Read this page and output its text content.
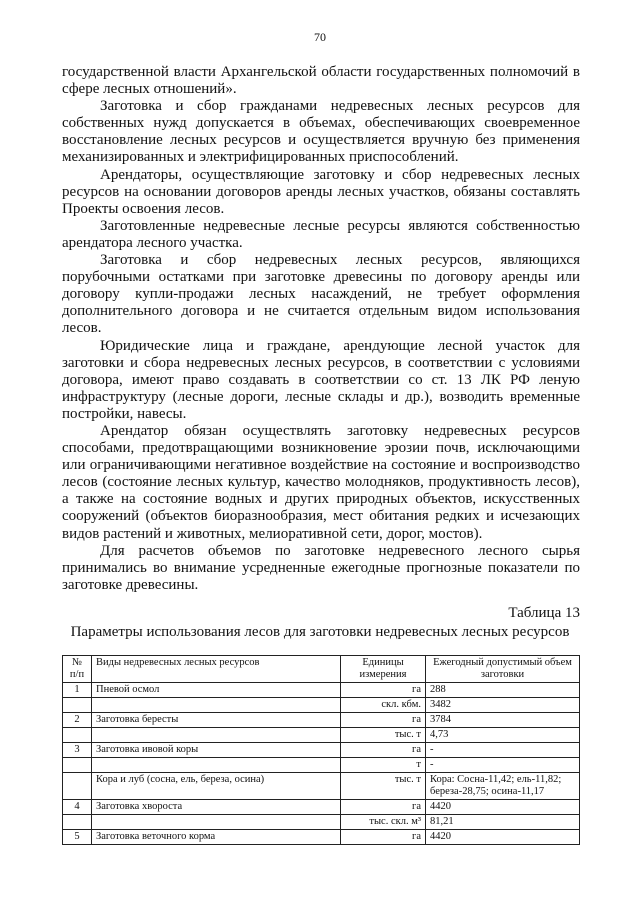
70

государственной власти Архангельской области государственных полномочий в сфере лесных отношений».

Заготовка и сбор гражданами недревесных лесных ресурсов для собственных нужд допускается в объемах, обеспечивающих своевременное восстановление лесных ресурсов и осуществляется вручную без применения механизированных и электрифицированных приспособлений.

Арендаторы, осуществляющие заготовку и сбор недревесных лесных ресурсов на основании договоров аренды лесных участков, обязаны составлять Проекты освоения лесов.

Заготовленные недревесные лесные ресурсы являются собственностью арендатора лесного участка.

Заготовка и сбор недревесных лесных ресурсов, являющихся порубочными остатками при заготовке древесины по договору аренды или договору купли-продажи лесных насаждений, не требует оформления дополнительного договора и не считается отдельным видом использования лесов.

Юридические лица и граждане, арендующие лесной участок для заготовки и сбора недревесных лесных ресурсов, в соответствии с условиями договора, имеют право создавать в соответствии со ст. 13 ЛК РФ леную инфраструктуру (лесные дороги, лесные склады и др.), возводить временные постройки, навесы.

Арендатор обязан осуществлять заготовку недревесных ресурсов способами, предотвращающими возникновение эрозии почв, исключающими или ограничивающими негативное воздействие на состояние и воспроизводство лесов (состояние лесных культур, качество молодняков, продуктивность лесов), а также на состояние водных и других природных объектов, искусственных сооружений (объектов биоразнообразия, мест обитания редких и исчезающих видов растений и животных, мелиоративной сети, дорог, мостов).

Для расчетов объемов по заготовке недревесного лесного сырья принимались во внимание усредненные ежегодные прогнозные показатели по заготовке древесины.

Таблица 13
Параметры использования лесов для заготовки недревесных лесных ресурсов
№ п/п	Виды недревесных лесных ресурсов	Единицы измерения	Ежегодный допустимый объем заготовки
1	Пневой осмол	га	288
		скл. кбм.	3482
2	Заготовка бересты	га	3784
		тыс. т	4,73
3	Заготовка ивовой коры	га	-
		т	-
	Кора и луб (сосна, ель, береза, осина)	тыс. т	Кора: Сосна-11,42; ель-11,82; береза-28,75; осина-11,17
4	Заготовка хвороста	га	4420
		тыс. скл. м³	81,21
5	Заготовка веточного корма	га	4420
